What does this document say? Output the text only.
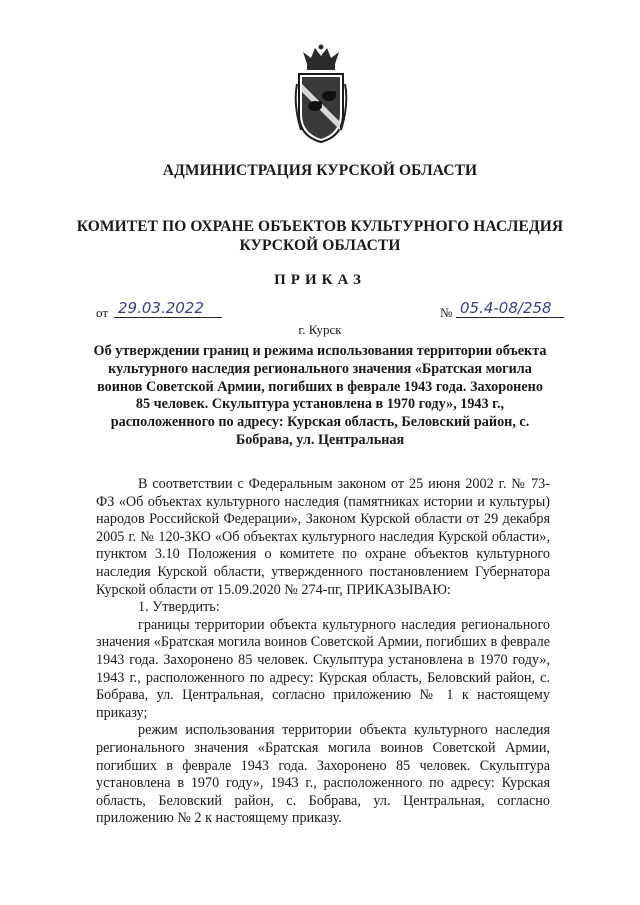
АДМИНИСТРАЦИЯ КУРСКОЙ ОБЛАСТИ
КОМИТЕТ ПО ОХРАНЕ ОБЪЕКТОВ КУЛЬТУРНОГО НАСЛЕДИЯ
КУРСКОЙ ОБЛАСТИ
ПРИКАЗ
от 29.03.2022	№ 05.4-08/258
г. Курск
Об утверждении границ и режима использования территории объекта культурного наследия регионального значения «Братская могила воинов Советской Армии, погибших в феврале 1943 года. Захоронено 85 человек. Скульптура установлена в 1970 году», 1943 г., расположенного по адресу: Курская область, Беловский район, с. Бобрава, ул. Центральная

В соответствии с Федеральным законом от 25 июня 2002 г. № 73-ФЗ «Об объектах культурного наследия (памятниках истории и культуры) народов Российской Федерации», Законом Курской области от 29 декабря 2005 г. № 120-ЗКО «Об объектах культурного наследия Курской области», пунктом 3.10 Положения о комитете по охране объектов культурного наследия Курской области, утвержденного постановлением Губернатора Курской области от 15.09.2020 № 274-пг, ПРИКАЗЫВАЮ:

1. Утвердить:

границы территории объекта культурного наследия регионального значения «Братская могила воинов Советской Армии, погибших в феврале 1943 года. Захоронено 85 человек. Скульптура установлена в 1970 году», 1943 г., расположенного по адресу: Курская область, Беловский район, с. Бобрава, ул. Центральная, согласно приложению № 1 к настоящему приказу;

режим использования территории объекта культурного наследия регионального значения «Братская могила воинов Советской Армии, погибших в феврале 1943 года. Захоронено 85 человек. Скульптура установлена в 1970 году», 1943 г., расположенного по адресу: Курская область, Беловский район, с. Бобрава, ул. Центральная, согласно приложению № 2 к настоящему приказу.
